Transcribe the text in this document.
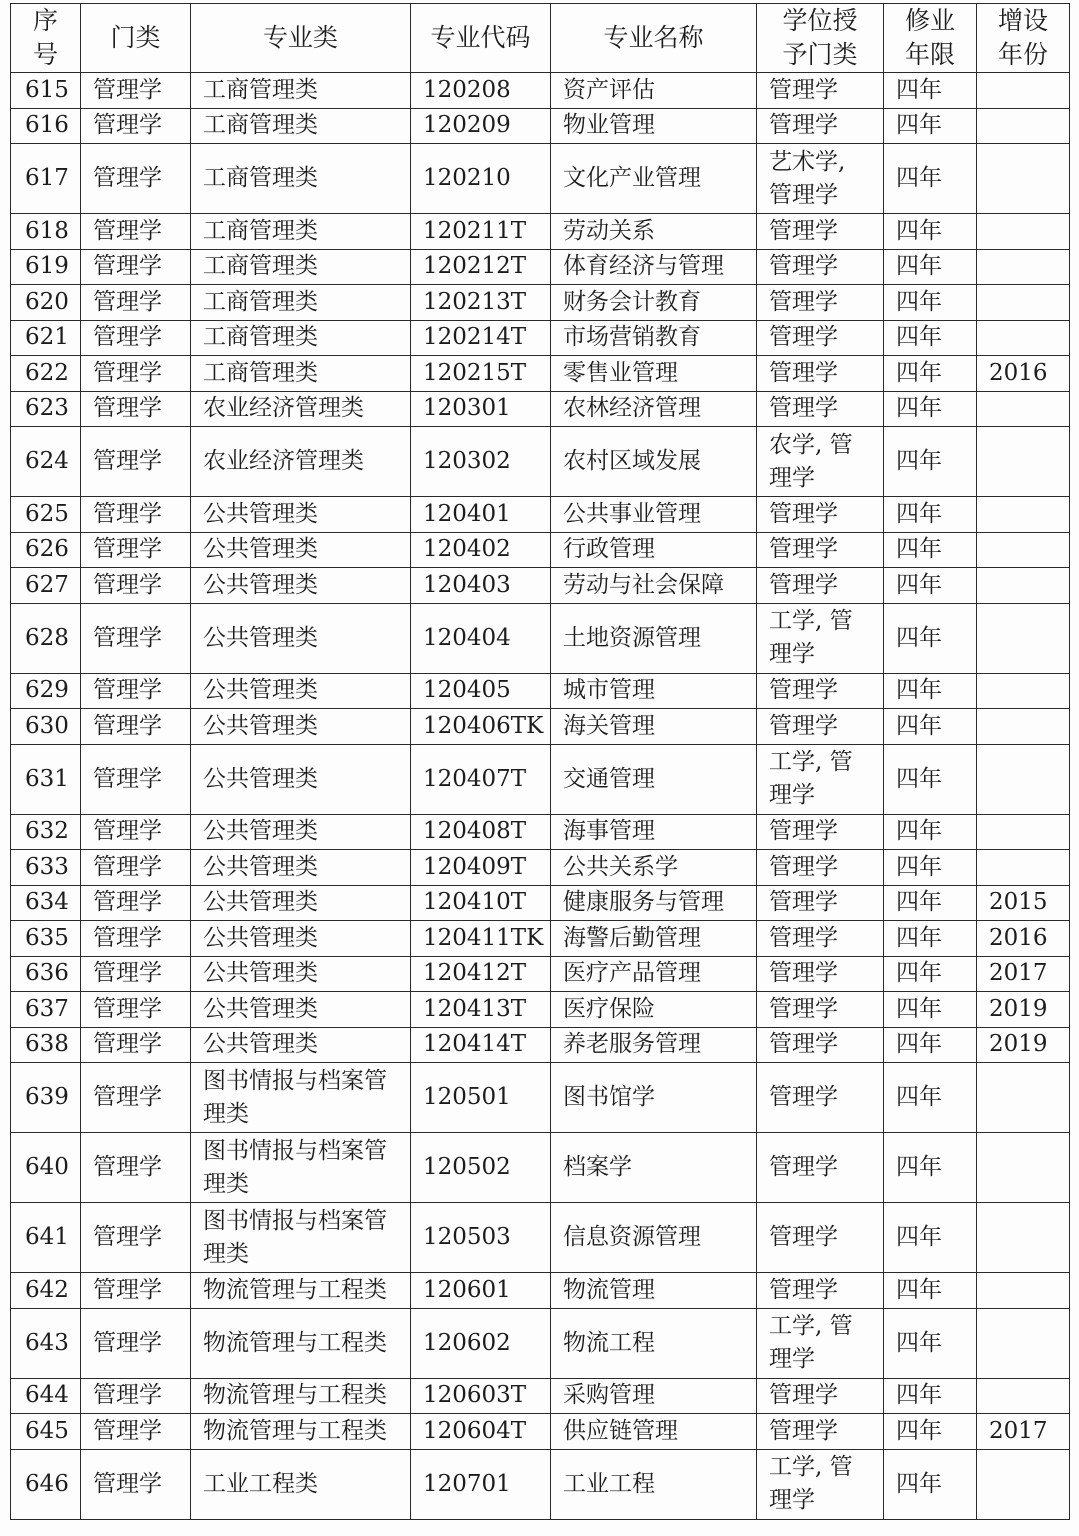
序
号	门类	专业类	专业代码	专业名称	学位授
予门类	修业
年限	增设
年份
615	管理学	工商管理类	120208	资产评估	管理学	四年	
616	管理学	工商管理类	120209	物业管理	管理学	四年	
617	管理学	工商管理类	120210	文化产业管理	艺术学,
管理学	四年	
618	管理学	工商管理类	120211T	劳动关系	管理学	四年	
619	管理学	工商管理类	120212T	体育经济与管理	管理学	四年	
620	管理学	工商管理类	120213T	财务会计教育	管理学	四年	
621	管理学	工商管理类	120214T	市场营销教育	管理学	四年	
622	管理学	工商管理类	120215T	零售业管理	管理学	四年	2016
623	管理学	农业经济管理类	120301	农林经济管理	管理学	四年	
624	管理学	农业经济管理类	120302	农村区域发展	农学, 管
理学	四年	
625	管理学	公共管理类	120401	公共事业管理	管理学	四年	
626	管理学	公共管理类	120402	行政管理	管理学	四年	
627	管理学	公共管理类	120403	劳动与社会保障	管理学	四年	
628	管理学	公共管理类	120404	土地资源管理	工学, 管
理学	四年	
629	管理学	公共管理类	120405	城市管理	管理学	四年	
630	管理学	公共管理类	120406TK	海关管理	管理学	四年	
631	管理学	公共管理类	120407T	交通管理	工学, 管
理学	四年	
632	管理学	公共管理类	120408T	海事管理	管理学	四年	
633	管理学	公共管理类	120409T	公共关系学	管理学	四年	
634	管理学	公共管理类	120410T	健康服务与管理	管理学	四年	2015
635	管理学	公共管理类	120411TK	海警后勤管理	管理学	四年	2016
636	管理学	公共管理类	120412T	医疗产品管理	管理学	四年	2017
637	管理学	公共管理类	120413T	医疗保险	管理学	四年	2019
638	管理学	公共管理类	120414T	养老服务管理	管理学	四年	2019
639	管理学	图书情报与档案管
理类	120501	图书馆学	管理学	四年	
640	管理学	图书情报与档案管
理类	120502	档案学	管理学	四年	
641	管理学	图书情报与档案管
理类	120503	信息资源管理	管理学	四年	
642	管理学	物流管理与工程类	120601	物流管理	管理学	四年	
643	管理学	物流管理与工程类	120602	物流工程	工学, 管
理学	四年	
644	管理学	物流管理与工程类	120603T	采购管理	管理学	四年	
645	管理学	物流管理与工程类	120604T	供应链管理	管理学	四年	2017
646	管理学	工业工程类	120701	工业工程	工学, 管
理学	四年	
